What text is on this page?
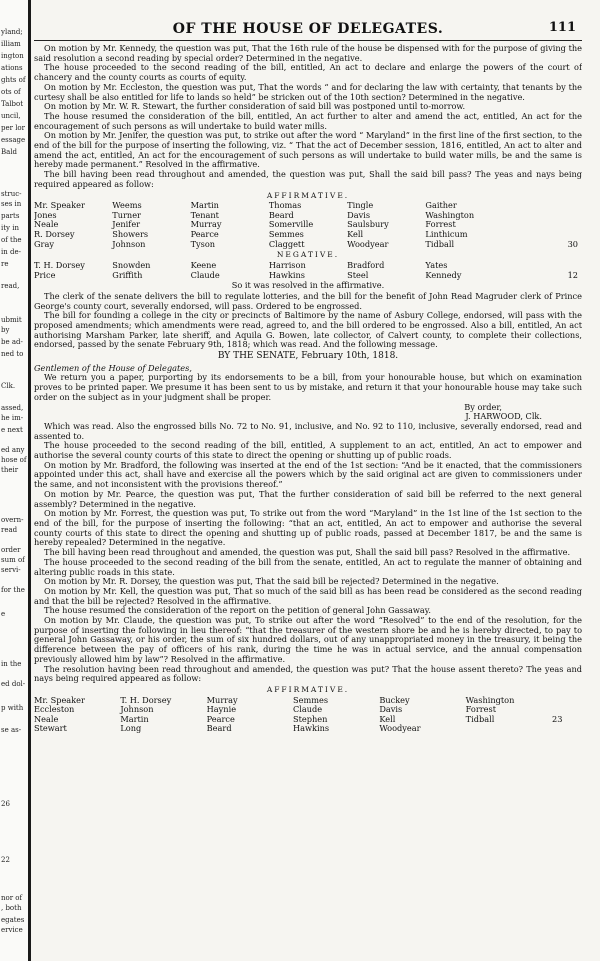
yland;
illiam
ington
ations
ghts of
ots of
Talbot
uncil,
per lor
essage
Bald
struc-
ses in
parts
ity in
of the
in de-
re
read,
ubmit
by
be ad-
ned to
Clk.
assed,
he im-
e next
ed any
hose of
their
overn-
read
order
sum of
servi-
for the
e
in the
ed dol-
p with
se as-
26
22
nor of
, both
egates
ervice
OF THE HOUSE OF DELEGATES.	111

On motion by Mr. Kennedy, the question was put, That the 16th rule of the house be dispensed with for the purpose of giving the said resolution a second reading by special order? Determined in the negative.

The house proceeded to the second reading of the bill, entitled, An act to declare and enlarge the powers of the court of chancery and the county courts as courts of equity.

On motion by Mr. Eccleston, the question was put, That the words “ and for declaring the law with certainty, that tenants by the curtesy shall be also entitled for life to lands so held” be stricken out of the 10th section? Determined in the negative.

On motion by Mr. W. R. Stewart, the further consideration of said bill was postponed until to-morrow.

The house resumed the consideration of the bill, entitled, An act further to alter and amend the act, entitled, An act for the encouragement of such persons as will undertake to build water mills.

On motion by Mr. Jenifer, the question was put, to strike out after the word “ Maryland” in the first line of the first section, to the end of the bill for the purpose of inserting the following, viz. “ That the act of December session, 1816, entitled, An act to alter and amend the act, entitled, An act for the encouragement of such persons as will undertake to build water mills, be and the same is hereby made permanent.” Resolved in the affirmative.

The bill having been read throughout and amended, the question was put, Shall the said bill pass? The yeas and nays being required appeared as follow:

AFFIRMATIVE.
Mr. Speaker	Weems	Martin	Thomas	Tingle	Gaither
Jones	Turner	Tenant	Beard	Davis	Washington
Neale	Jenifer	Murray	Somerville	Saulsbury	Forrest
R. Dorsey	Showers	Pearce	Semmes	Kell	Linthicum
Gray	Johnson	Tyson	Claggett	Woodyear	Tidball	30
NEGATIVE.
T. H. Dorsey	Snowden	Keene	Harrison	Bradford	Yates
Price	Griffith	Claude	Hawkins	Steel	Kennedy	12
So it was resolved in the affirmative.

The clerk of the senate delivers the bill to regulate lotteries, and the bill for the benefit of John Read Magruder clerk of Prince George's county court, severally endorsed, will pass. Ordered to be engrossed.

The bill for founding a college in the city or precincts of Baltimore by the name of Asbury College, endorsed, will pass with the proposed amendments; which amendments were read, agreed to, and the bill ordered to be engrossed. Also a bill, entitled, An act authorising Marsham Parker, late sheriff, and Aquila G. Bowen, late collector, of Calvert county, to complete their collections, endorsed, passed by the senate February 9th, 1818; which was read. And the following message.

BY THE SENATE, February 10th, 1818.

Gentlemen of the House of Delegates,

We return you a paper, purporting by its endorsements to be a bill, from your honourable house, but which on examination proves to be printed paper. We presume it has been sent to us by mistake, and return it that your honourable house may take such order on the subject as in your judgment shall be proper.

By order,
J. HARWOOD, Clk.

Which was read. Also the engrossed bills No. 72 to No. 91, inclusive, and No. 92 to 110, inclusive, severally endorsed, read and assented to.

The house proceeded to the second reading of the bill, entitled, A supplement to an act, entitled, An act to empower and authorise the several county courts of this state to direct the opening or shutting up of public roads.

On motion by Mr. Bradford, the following was inserted at the end of the 1st section: “And be it enacted, that the commissioners appointed under this act, shall have and exercise all the powers which by the said original act are given to commissioners under the same, and not inconsistent with the provisions thereof.”

On motion by Mr. Pearce, the question was put, That the further consideration of said bill be referred to the next general assembly? Determined in the negative.

On motion by Mr. Forrest, the question was put, To strike out from the word “Maryland” in the 1st line of the 1st section to the end of the bill, for the purpose of inserting the following: “that an act, entitled, An act to empower and authorise the several county courts of this state to direct the opening and shutting up of public roads, passed at December 1817, be and the same is hereby repealed? Determined in the negative.

The bill having been read throughout and amended, the question was put, Shall the said bill pass? Resolved in the affirmative.

The house proceeded to the second reading of the bill from the senate, entitled, An act to regulate the manner of obtaining and altering public roads in this state.

On motion by Mr. R. Dorsey, the question was put, That the said bill be rejected? Determined in the negative.

On motion by Mr. Kell, the question was put, That so much of the said bill as has been read be considered as the second reading and that the bill be rejected? Resolved in the affirmative.

The house resumed the consideration of the report on the petition of general John Gassaway.

On motion by Mr. Claude, the question was put, To strike out after the word “Resolved” to the end of the resolution, for the purpose of inserting the following in lieu thereof: “that the treasurer of the western shore be and he is hereby directed, to pay to general John Gassaway, or his order, the sum of six hundred dollars, out of any unappropriated money in the treasury, it being the difference between the pay of officers of his rank, during the time he was in actual service, and the annual compensation previously allowed him by law”? Resolved in the affirmative.

The resolution having been read throughout and amended, the question was put? That the house assent thereto? The yeas and nays being required appeared as follow:

AFFIRMATIVE.
Mr. Speaker	T. H. Dorsey	Murray	Semmes	Buckey	Washington
Eccleston	Johnson	Haynie	Claude	Davis	Forrest
Neale	Martin	Pearce	Stephen	Kell	Tidball	23
Stewart	Long	Beard	Hawkins	Woodyear
